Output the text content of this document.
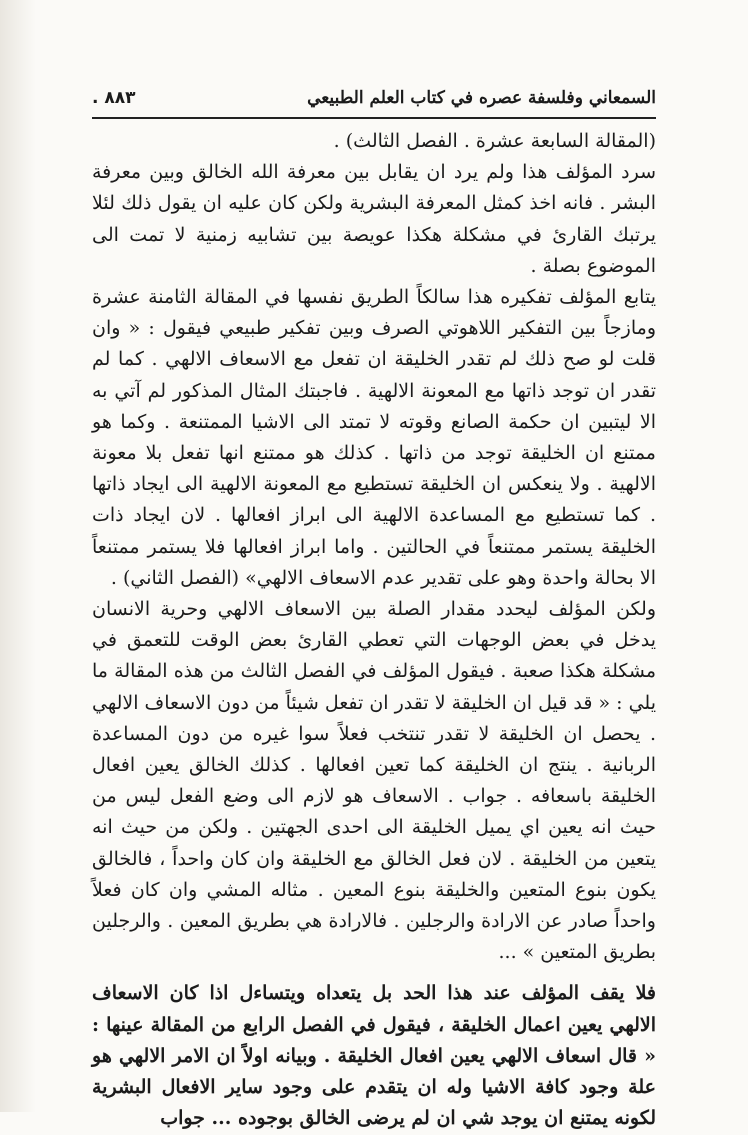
السمعاني وفلسفة عصره في كتاب العلم الطبيعي
٨٨٣ .

(المقالة السابعة عشرة . الفصل الثالث) .

سرد المؤلف هذا ولم يرد ان يقابل بين معرفة الله الخالق وبين معرفة البشر . فانه اخذ كمثل المعرفة البشرية ولكن كان عليه ان يقول ذلك لئلا يرتبك القارئ في مشكلة هكذا عويصة بين تشابيه زمنية لا تمت الى الموضوع بصلة .

يتابع المؤلف تفكيره هذا سالكاً الطريق نفسها في المقالة الثامنة عشرة ومازجاً بين التفكير اللاهوتي الصرف وبين تفكير طبيعي فيقول : « وان قلت لو صح ذلك لم تقدر الخليقة ان تفعل مع الاسعاف الالهي . كما لم تقدر ان توجد ذاتها مع المعونة الالهية . فاجبتك المثال المذكور لم آتي به الا ليتبين ان حكمة الصانع وقوته لا تمتد الى الاشيا الممتنعة . وكما هو ممتنع ان الخليقة توجد من ذاتها . كذلك هو ممتنع انها تفعل بلا معونة الالهية . ولا ينعكس ان الخليقة تستطيع مع المعونة الالهية الى ايجاد ذاتها . كما تستطيع مع المساعدة الالهية الى ابراز افعالها . لان ايجاد ذات الخليقة يستمر ممتنعاً في الحالتين . واما ابراز افعالها فلا يستمر ممتنعاً الا بحالة واحدة وهو على تقدير عدم الاسعاف الالهي» (الفصل الثاني) .

ولكن المؤلف ليحدد مقدار الصلة بين الاسعاف الالهي وحرية الانسان يدخل في بعض الوجهات التي تعطي القارئ بعض الوقت للتعمق في مشكلة هكذا صعبة . فيقول المؤلف في الفصل الثالث من هذه المقالة ما يلي : « قد قيل ان الخليقة لا تقدر ان تفعل شيئاً من دون الاسعاف الالهي . يحصل ان الخليقة لا تقدر تنتخب فعلاً سوا غيره من دون المساعدة الربانية . ينتج ان الخليقة كما تعين افعالها . كذلك الخالق يعين افعال الخليقة باسعافه . جواب . الاسعاف هو لازم الى وضع الفعل ليس من حيث انه يعين اي يميل الخليقة الى احدى الجهتين . ولكن من حيث انه يتعين من الخليقة . لان فعل الخالق مع الخليقة وان كان واحداً ، فالخالق يكون بنوع المتعين والخليقة بنوع المعين . مثاله المشي وان كان فعلاً واحداً صادر عن الارادة والرجلين . فالارادة هي بطريق المعين . والرجلين بطريق المتعين » ...

فلا يقف المؤلف عند هذا الحد بل يتعداه ويتساءل اذا كان الاسعاف الالهي يعين اعمال الخليقة ، فيقول في الفصل الرابع من المقالة عينها : « قال اسعاف الالهي يعين افعال الخليقة . وبيانه اولاً ان الامر الالهي هو علة وجود كافة الاشيا وله ان يتقدم على وجود ساير الافعال البشرية لكونه يمتنع ان يوجد شي ان لم يرضى الخالق بوجوده ... جواب
